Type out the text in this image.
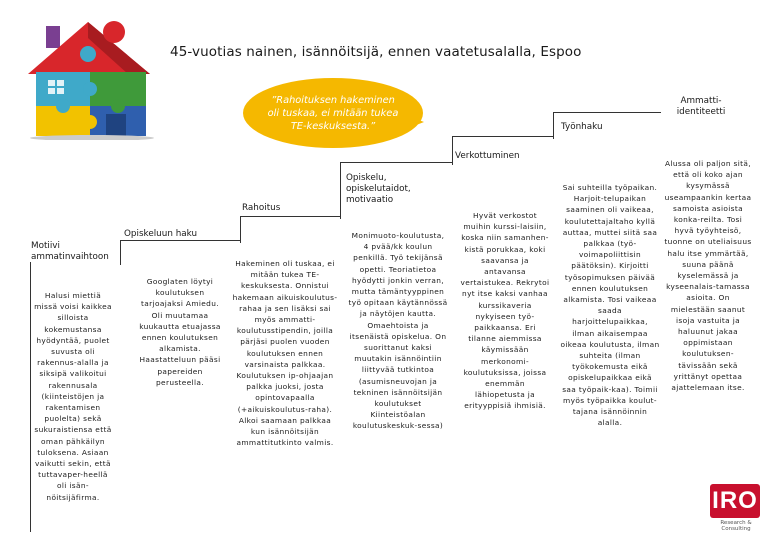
45-vuotias nainen, isännöitsijä, ennen vaatetusalalla, Espoo
”Rahoituksen hakeminen oli tuskaa, ei mitään tukea TE-keskuksesta.”
Motiivi ammatinvaihtoon
Opiskeluun haku
Rahoitus
Opiskelu, opiskelutaidot, motivaatio
Verkottuminen
Työnhaku
Ammatti-identiteetti
Halusi miettiä missä voisi kaikkea silloista kokemustansa hyödyntää, puolet suvusta oli rakennus-alalla ja siksipä valikoitui rakennusala (kiinteistöjen ja rakentamisen puolelta) sekä sukuraistiensa että oman pähkäilyn tuloksena. Asiaan vaikutti sekin, että tuttavaper-heellä oli isän-nöitsijäfirma.
Googlaten löytyi koulutuksen tarjoajaksi Amiedu. Oli muutamaa kuukautta etuajassa ennen koulutuksen alkamista. Haastatteluun pääsi papereiden perusteella.
Hakeminen oli tuskaa, ei mitään tukea TE-keskuksesta. Onnistui hakemaan aikuiskoulutus-rahaa ja sen lisäksi sai myös ammatti-koulutusstipendin, joilla pärjäsi puolen vuoden koulutuksen ennen varsinaista palkkaa. Koulutuksen ip-ohjaajan palkka juoksi, josta opintovapaalla (+aikuiskoulutus-raha). Alkoi saamaan palkkaa kun isännöitsijän ammattitutkinto valmis.
Monimuoto-koulutusta, 4 pvää/kk koulun penkillä. Työ tekijänsä opetti. Teoriatietoa hyödytti jonkin verran, mutta tämäntyyppinen työ opitaan käytännössä ja näytöjen kautta. Omaehtoista ja itsenäistä opiskelua. On suorittanut kaksi muutakin isännöintiin liittyvää tutkintoa (asumisneuvojan ja tekninen isännöitsijän koulutukset Kiinteistöalan koulutuskeskuk-sessa)
Hyvät verkostot muihin kurssi-laisiin, koska niin samanhen-kistä porukkaa, koki saavansa ja antavansa vertaistukea. Rekrytoi nyt itse kaksi vanhaa kurssikaveria nykyiseen työ-paikkaansa. Eri tilanne aiemmissa käymissään merkonomi-koulutuksissa, joissa enemmän lähiopetusta ja erityyppisiä ihmisiä.
Sai suhteilla työpaikan. Harjoit-telupaikan saaminen oli vaikeaa, koulutettajaltaho kyllä auttaa, muttei siitä saa palkkaa (työ-voimapoliittisin päätöksin). Kirjoitti työsopimuksen päivää ennen koulutuksen alkamista. Tosi vaikeaa saada harjoittelupaikkaa, ilman aikaisempaa oikeaa koulutusta, ilman suhteita (ilman työkokemusta eikä opiskelupaikkaa eikä saa työpaik-kaa). Toimii myös työpaikka koulut-tajana isännöinnin alalla.
Alussa oli paljon sitä, että oli koko ajan kysymässä useampaankin kertaa samoista asioista konka-reilta. Tosi hyvä työyhteisö, tuonne on uteliaisuus halu itse ymmärtää, suuna päänä kyselemässä ja kyseenalais-tamassa asioita. On mielestään saanut isoja vastuita ja haluunut jakaa oppimistaan koulutuksen-tävissään sekä yrittänyt opettaa ajattelemaan itse.
IRO
Research & Consulting
